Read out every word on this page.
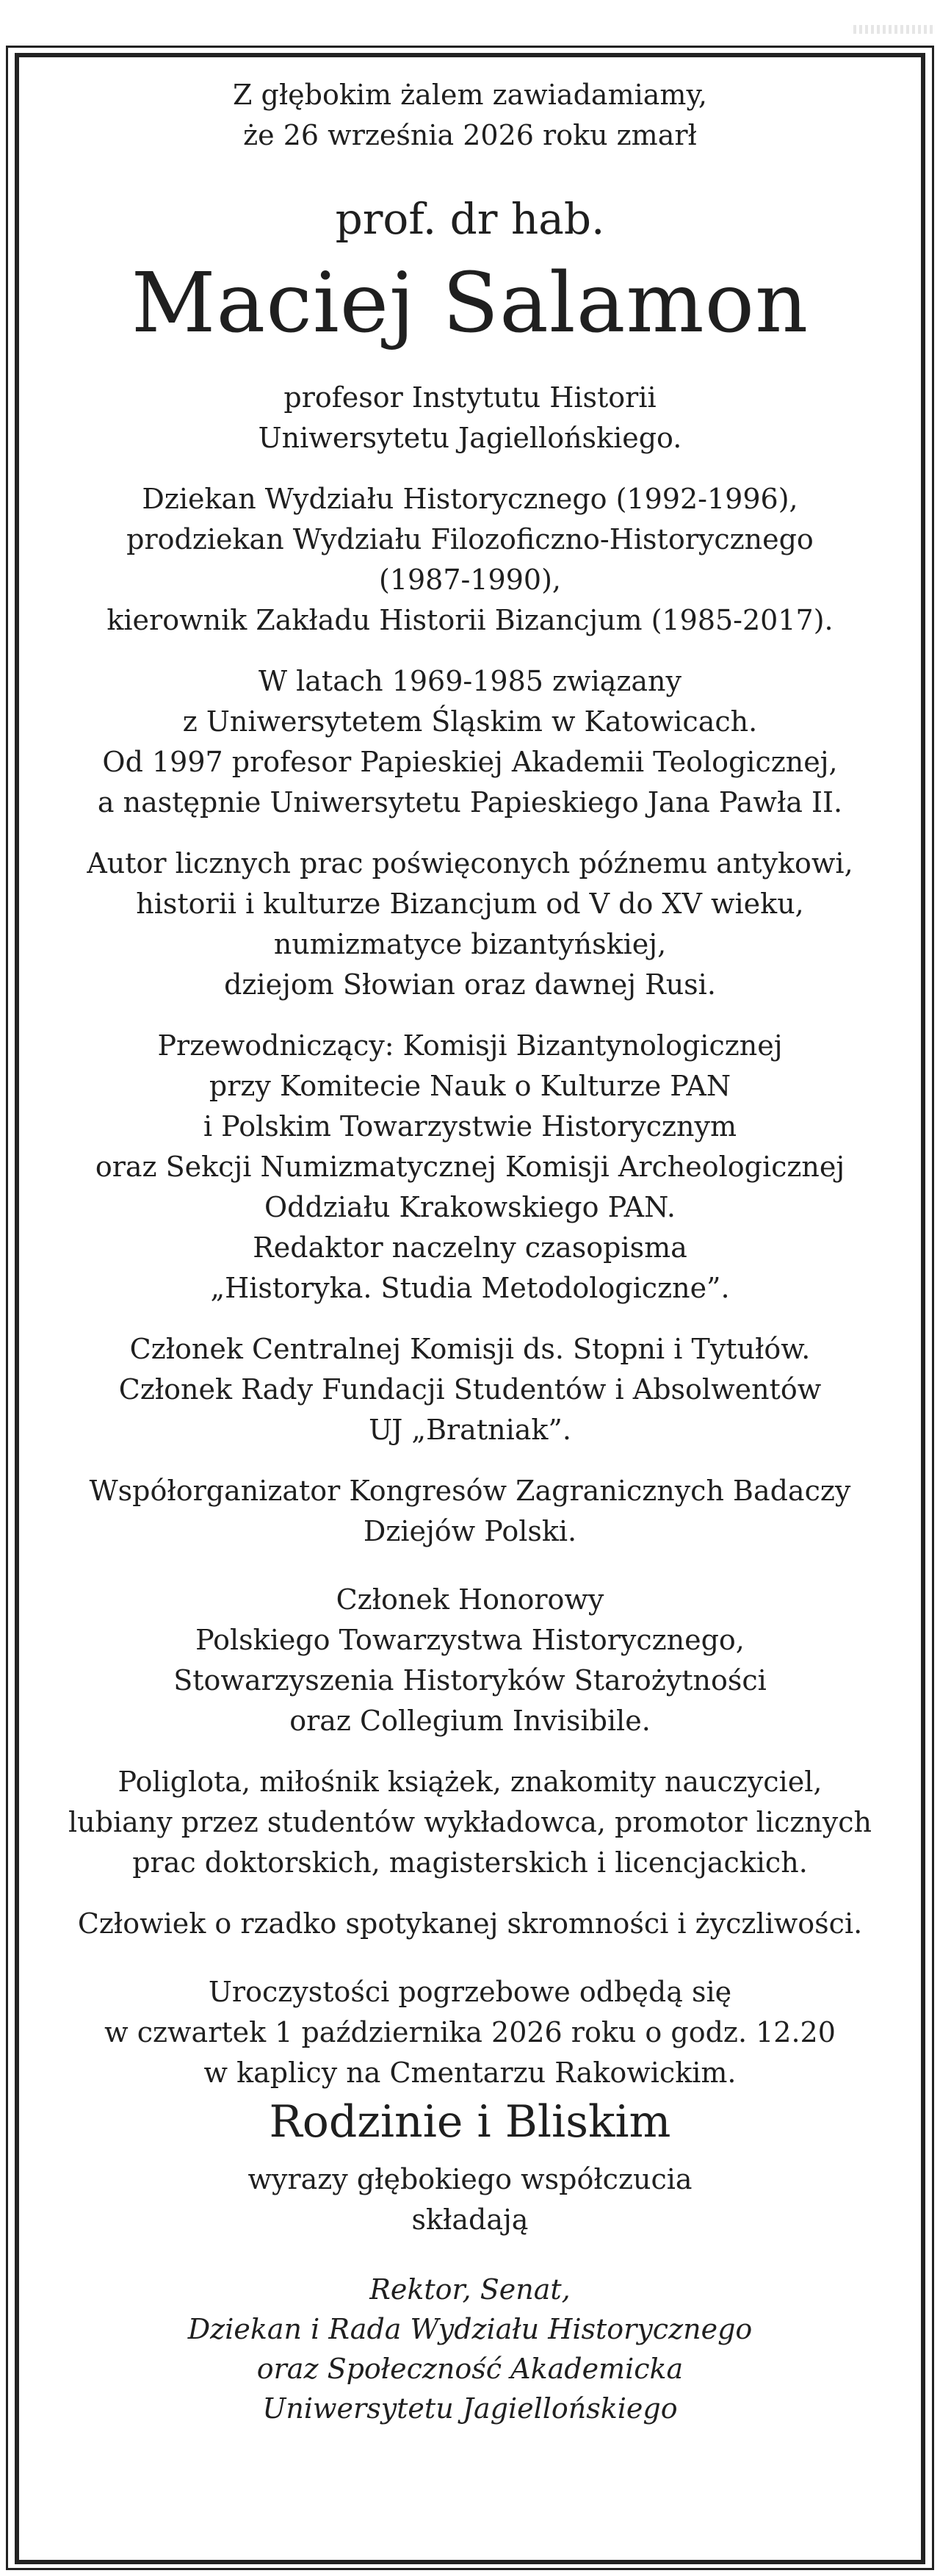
Z głębokim żalem zawiadamiamy,

że 26 września 2026 roku zmarł

prof. dr hab.

Maciej Salamon

profesor Instytutu Historii

Uniwersytetu Jagiellońskiego.

Dziekan Wydziału Historycznego (1992-1996),

prodziekan Wydziału Filozoficzno-Historycznego

(1987-1990),

kierownik Zakładu Historii Bizancjum (1985-2017).

W latach 1969-1985 związany

z Uniwersytetem Śląskim w Katowicach.

Od 1997 profesor Papieskiej Akademii Teologicznej,

a następnie Uniwersytetu Papieskiego Jana Pawła II.

Autor licznych prac poświęconych późnemu antykowi,

historii i kulturze Bizancjum od V do XV wieku,

numizmatyce bizantyńskiej,

dziejom Słowian oraz dawnej Rusi.

Przewodniczący: Komisji Bizantynologicznej

przy Komitecie Nauk o Kulturze PAN

i Polskim Towarzystwie Historycznym

oraz Sekcji Numizmatycznej Komisji Archeologicznej

Oddziału Krakowskiego PAN.

Redaktor naczelny czasopisma

„Historyka. Studia Metodologiczne”.

Członek Centralnej Komisji ds. Stopni i Tytułów.

Członek Rady Fundacji Studentów i Absolwentów

UJ „Bratniak”.

Współorganizator Kongresów Zagranicznych Badaczy

Dziejów Polski.

Członek Honorowy

Polskiego Towarzystwa Historycznego,

Stowarzyszenia Historyków Starożytności

oraz Collegium Invisibile.

Poliglota, miłośnik książek, znakomity nauczyciel,

lubiany przez studentów wykładowca, promotor licznych

prac doktorskich, magisterskich i licencjackich.

Człowiek o rzadko spotykanej skromności i życzliwości.

Uroczystości pogrzebowe odbędą się

w czwartek 1 października 2026 roku o godz. 12.20

w kaplicy na Cmentarzu Rakowickim.

Rodzinie i Bliskim

wyrazy głębokiego współczucia

składają

Rektor, Senat,

Dziekan i Rada Wydziału Historycznego

oraz Społeczność Akademicka

Uniwersytetu Jagiellońskiego
